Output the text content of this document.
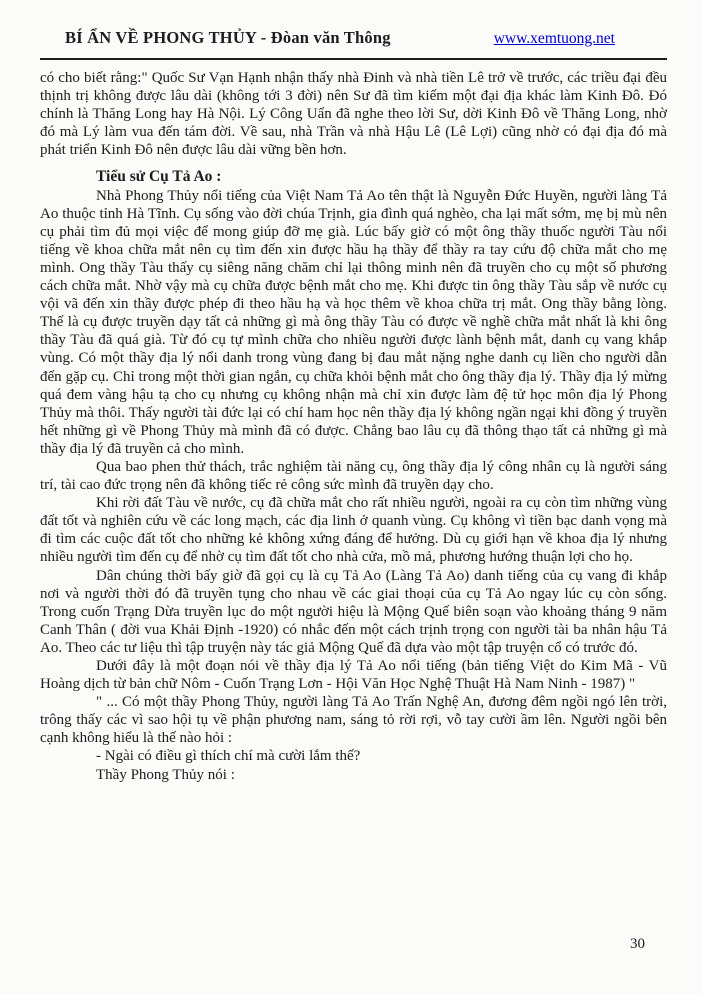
BÍ ẨN VỀ PHONG THỦY - Đòan văn Thông	www.xemtuong.net

có cho biết rằng:" Quốc Sư Vạn Hạnh nhận thấy nhà Đinh và nhà tiền Lê trở về trước, các triều đại đều thịnh trị không được lâu dài (không tới 3 đời) nên Sư đã tìm kiếm một đại địa khác làm Kinh Đô. Đó chính là Thăng Long hay Hà Nội. Lý Công Uẩn đã nghe theo lời Sư, dời Kinh Đô về Thăng Long, nhờ đó mà Lý làm vua đến tám đời. Về sau, nhà Trần và nhà Hậu Lê (Lê Lợi) cũng nhờ có đại địa đó mà phát triển Kinh Đô nên được lâu dài vững bền hơn.

Tiểu sử Cụ Tả Ao :

Nhà Phong Thủy nổi tiếng của Việt Nam Tả Ao tên thật là Nguyễn Đức Huyền, người làng Tả Ao thuộc tỉnh Hà Tĩnh. Cụ sống vào đời chúa Trịnh, gia đình quá nghèo, cha lại mất sớm, mẹ bị mù nên cụ phải tìm đủ mọi việc để mong giúp đỡ mẹ già. Lúc bấy giờ có một ông thầy thuốc người Tàu nổi tiếng về khoa chữa mắt nên cụ tìm đến xin được hầu hạ thầy để thầy ra tay cứu độ chữa mắt cho mẹ mình. Ong thầy Tàu thấy cụ siêng năng chăm chỉ lại thông minh nên đã truyền cho cụ một số phương cách chữa mắt. Nhờ vậy mà cụ chữa được bệnh mắt cho mẹ. Khi được tin ông thầy Tàu sắp về nước cụ vội vã đến xin thầy được phép đi theo hầu hạ và học thêm về khoa chữa trị mắt. Ong thầy bằng lòng. Thế là cụ được truyền dạy tất cả những gì mà ông thầy Tàu có được về nghề chữa mắt nhất là khi ông thầy Tàu đã quá già. Từ đó cụ tự mình chữa cho nhiều người được lành bệnh mắt, danh cụ vang khắp vùng. Có một thầy địa lý nổi danh trong vùng đang bị đau mắt nặng nghe danh cụ liền cho người dẫn đến gặp cụ. Chỉ trong một thời gian ngắn, cụ chữa khỏi bệnh mắt cho ông thầy địa lý. Thầy địa lý mừng quá đem vàng hậu tạ cho cụ nhưng cụ không nhận mà chỉ xin được làm đệ tử học môn địa lý Phong Thủy mà thôi. Thấy người tài đức lại có chí ham học nên thầy địa lý không ngần ngại khi đồng ý truyền hết những gì về Phong Thủy mà mình đã có được. Chẳng bao lâu cụ đã thông thạo tất cả những gì mà thầy địa lý đã truyền cả cho mình.

Qua bao phen thử thách, trắc nghiệm tài năng cụ, ông thầy địa lý công nhân cụ là người sáng trí, tài cao đức trọng nên đã không tiếc rẻ công sức mình đã truyền dạy cho.

Khi rời đất Tàu về nước, cụ đã chữa mắt cho rất nhiều người, ngoài ra cụ còn tìm những vùng đất tốt và nghiên cứu về các long mạch, các địa linh ở quanh vùng. Cụ không vì tiền bạc danh vọng mà đi tìm các cuộc đất tốt cho những kẻ không xứng đáng để hưởng. Dù cụ giới hạn về khoa địa lý nhưng nhiều người tìm đến cụ để nhờ cụ tìm đất tốt cho nhà cửa, mồ mả, phương hướng thuận lợi cho họ.

Dân chúng thời bấy giờ đã gọi cụ là cụ Tả Ao (Làng Tả Ao) danh tiếng của cụ vang đi khắp nơi và người thời đó đã truyền tụng cho nhau về các giai thoại của cụ Tả Ao ngay lúc cụ còn sống. Trong cuốn Trạng Dừa truyền lục do một người hiệu là Mộng Quế biên soạn vào khoảng tháng 9 năm Canh Thân ( đời vua Khải Định -1920) có nhắc đến một cách trịnh trọng con người tài ba nhân hậu Tả Ao. Theo các tư liệu thì tập truyện này tác giả Mộng Quế đã dựa vào một tập truyện cổ có trước đó.

Dưới đây là một đoạn nói về thầy địa lý Tả Ao nổi tiếng (bản tiếng Việt do Kim Mã - Vũ Hoàng dịch từ bản chữ Nôm - Cuốn Trạng Lơn - Hội Văn Học Nghệ Thuật Hà Nam Ninh - 1987) "

" ... Có một thầy Phong Thủy, người làng Tả Ao Trấn Nghệ An, đương đêm ngồi ngó lên trời, trông thấy các vì sao hội tụ về phận phương nam, sáng tỏ rời rợi, vỗ tay cười ầm lên. Người ngồi bên cạnh không hiểu là thế nào hỏi :

- Ngài có điều gì thích chí mà cười lắm thế?

Thầy Phong Thủy nói :

30
